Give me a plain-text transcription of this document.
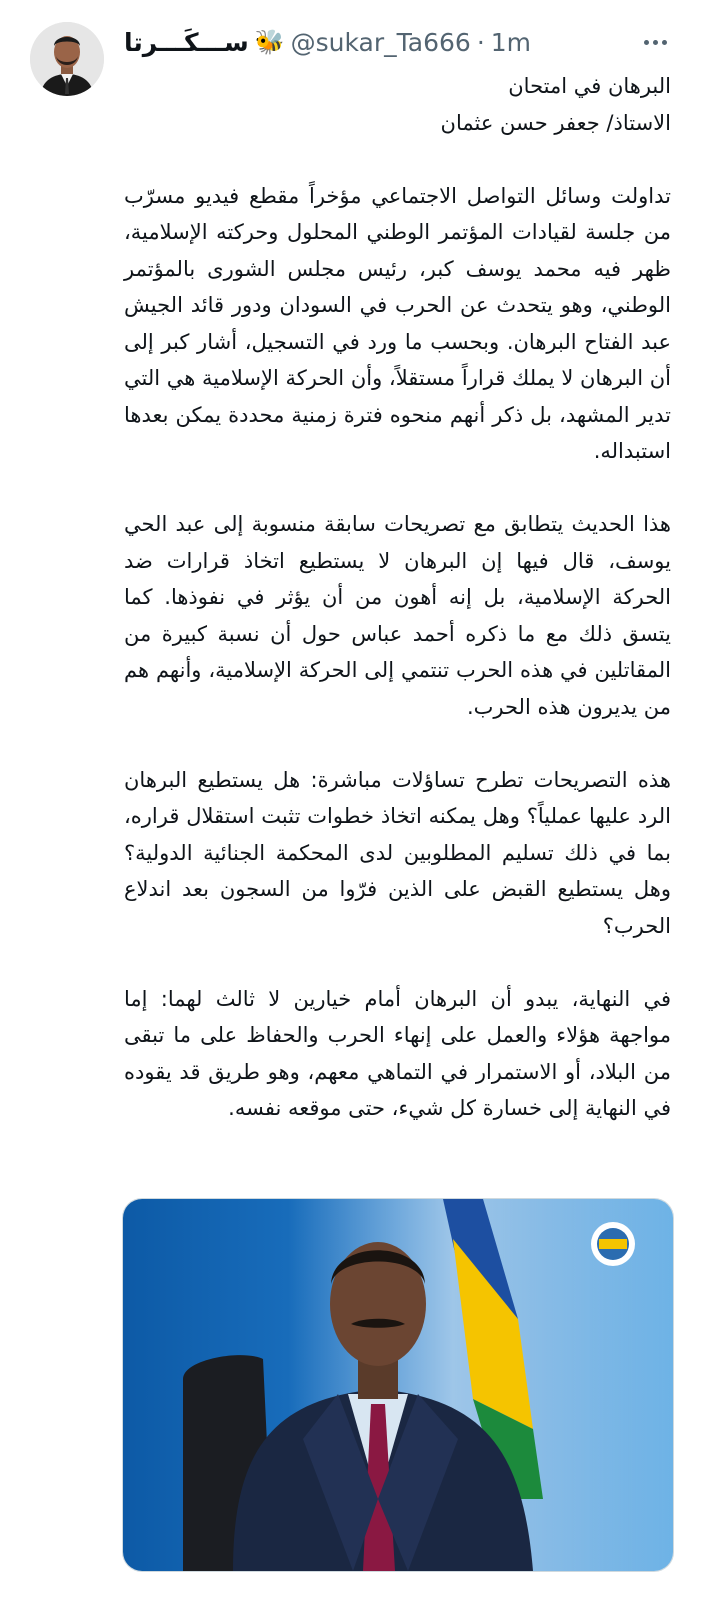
ســـكَـــرتا 🐝 @sukar_Ta666 · 1m

البرهان في امتحان

الاستاذ/ جعفر حسن عثمان

تداولت وسائل التواصل الاجتماعي مؤخراً مقطع فيديو مسرّب من جلسة لقيادات المؤتمر الوطني المحلول وحركته الإسلامية، ظهر فيه محمد يوسف كبر، رئيس مجلس الشورى بالمؤتمر الوطني، وهو يتحدث عن الحرب في السودان ودور قائد الجيش عبد الفتاح البرهان. وبحسب ما ورد في التسجيل، أشار كبر إلى أن البرهان لا يملك قراراً مستقلاً، وأن الحركة الإسلامية هي التي تدير المشهد، بل ذكر أنهم منحوه فترة زمنية محددة يمكن بعدها استبداله.

هذا الحديث يتطابق مع تصريحات سابقة منسوبة إلى عبد الحي يوسف، قال فيها إن البرهان لا يستطيع اتخاذ قرارات ضد الحركة الإسلامية، بل إنه أهون من أن يؤثر في نفوذها. كما يتسق ذلك مع ما ذكره أحمد عباس حول أن نسبة كبيرة من المقاتلين في هذه الحرب تنتمي إلى الحركة الإسلامية، وأنهم هم من يديرون هذه الحرب.

هذه التصريحات تطرح تساؤلات مباشرة: هل يستطيع البرهان الرد عليها عملياً؟ وهل يمكنه اتخاذ خطوات تثبت استقلال قراره، بما في ذلك تسليم المطلوبين لدى المحكمة الجنائية الدولية؟ وهل يستطيع القبض على الذين فرّوا من السجون بعد اندلاع الحرب؟

في النهاية، يبدو أن البرهان أمام خيارين لا ثالث لهما: إما مواجهة هؤلاء والعمل على إنهاء الحرب والحفاظ على ما تبقى من البلاد، أو الاستمرار في التماهي معهم، وهو طريق قد يقوده في النهاية إلى خسارة كل شيء، حتى موقعه نفسه.
